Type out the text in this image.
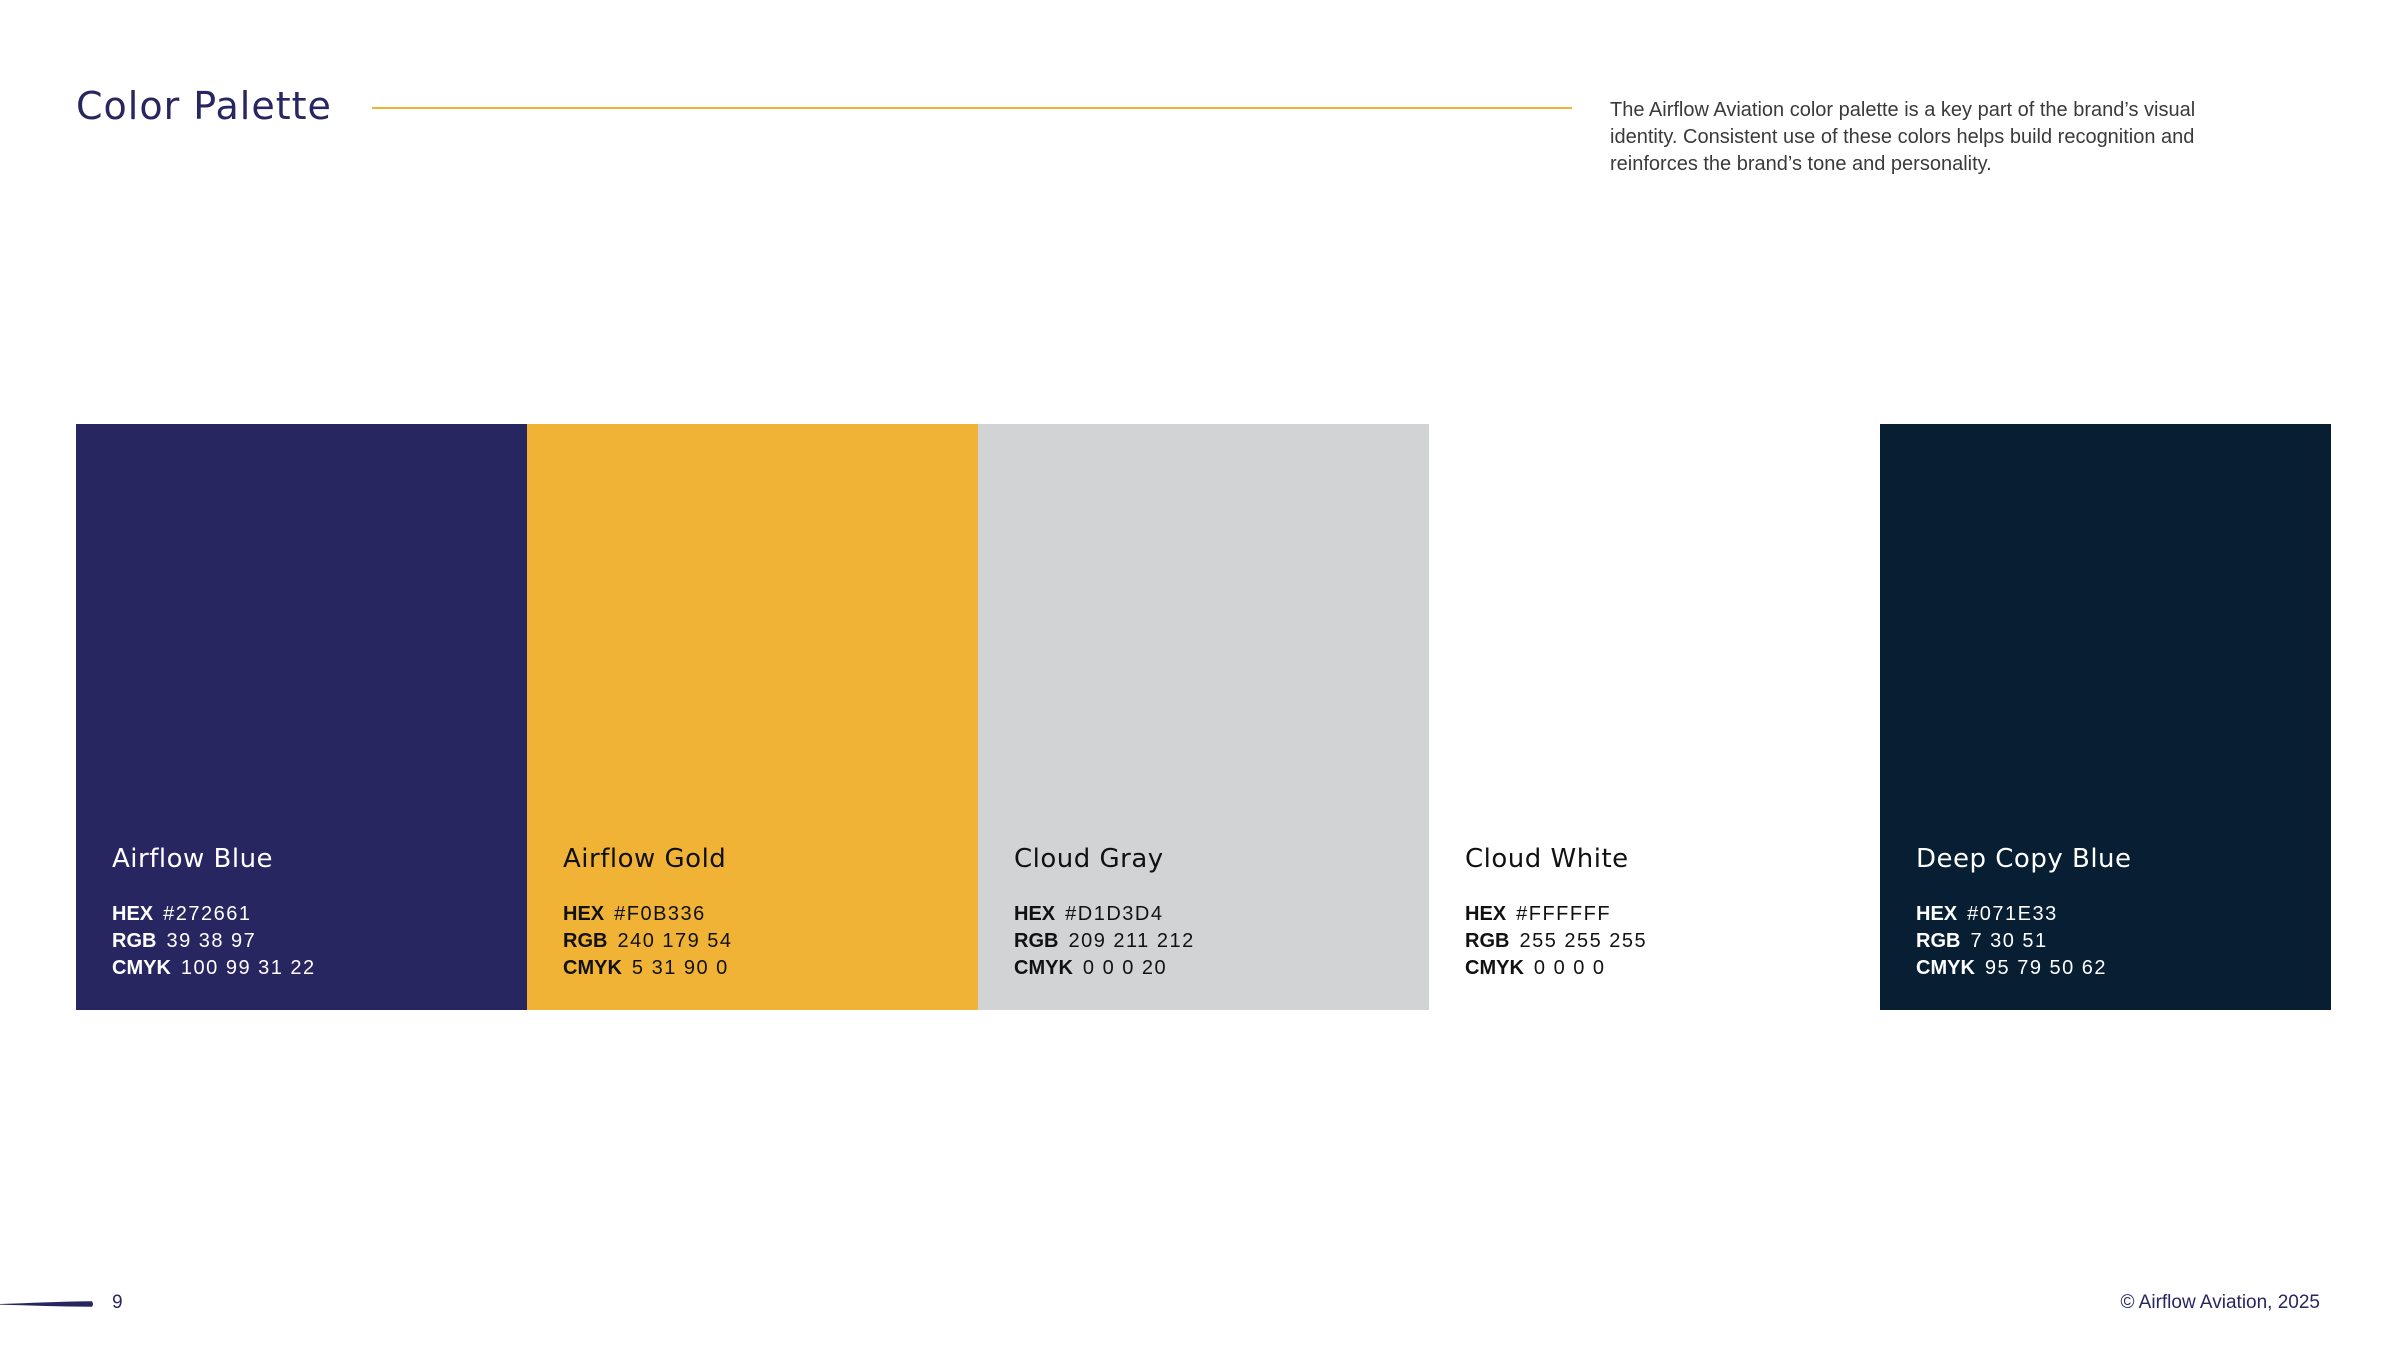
Color Palette	The Airflow Aviation color palette is a key part of the brand’s visual identity. Consistent use of these colors helps build recognition and reinforces the brand’s tone and personality.

Airflow Blue
HEX #272661
RGB 39 38 97
CMYK 100 99 31 22
Airflow Gold
HEX #F0B336
RGB 240 179 54
CMYK 5 31 90 0
Cloud Gray
HEX #D1D3D4
RGB 209 211 212
CMYK 0 0 0 20
Cloud White
HEX #FFFFFF
RGB 255 255 255
CMYK 0 0 0 0
Deep Copy Blue
HEX #071E33
RGB 7 30 51
CMYK 95 79 50 62
9	© Airflow Aviation, 2025
